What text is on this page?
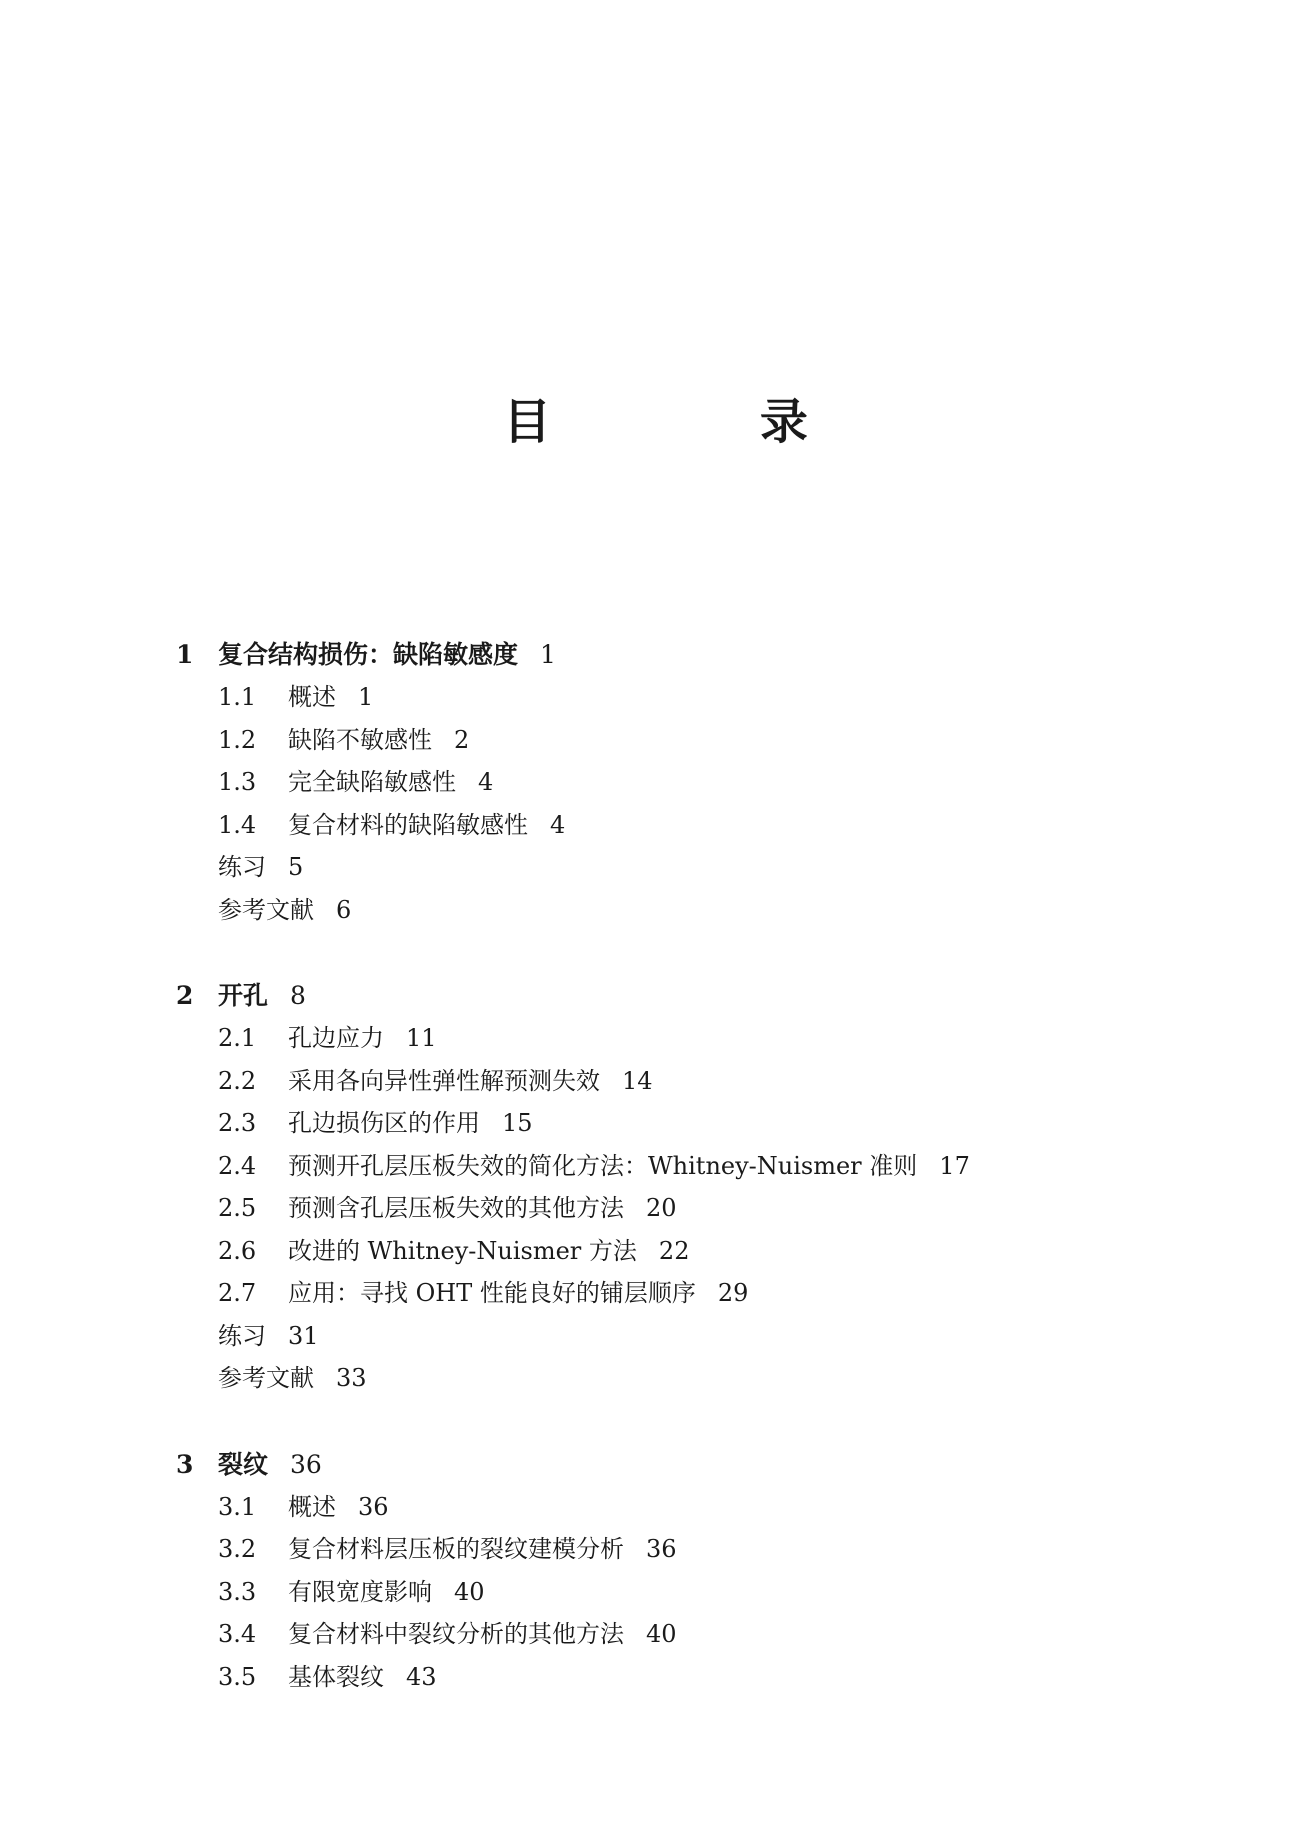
目 录
1 复合结构损伤：缺陷敏感度 1
1.1 概述 1
1.2 缺陷不敏感性 2
1.3 完全缺陷敏感性 4
1.4 复合材料的缺陷敏感性 4
练习 5
参考文献 6
2 开孔 8
2.1 孔边应力 11
2.2 采用各向异性弹性解预测失效 14
2.3 孔边损伤区的作用 15
2.4 预测开孔层压板失效的简化方法：Whitney-Nuismer 准则 17
2.5 预测含孔层压板失效的其他方法 20
2.6 改进的 Whitney-Nuismer 方法 22
2.7 应用：寻找 OHT 性能良好的铺层顺序 29
练习 31
参考文献 33
3 裂纹 36
3.1 概述 36
3.2 复合材料层压板的裂纹建模分析 36
3.3 有限宽度影响 40
3.4 复合材料中裂纹分析的其他方法 40
3.5 基体裂纹 43
